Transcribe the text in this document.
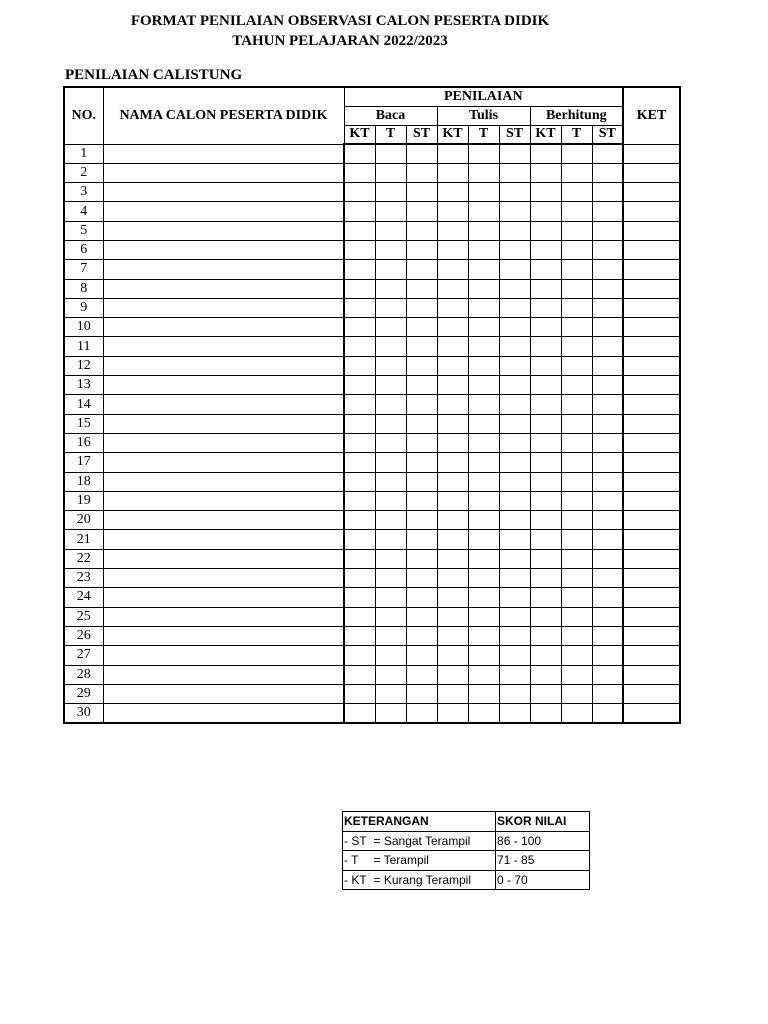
FORMAT PENILAIAN OBSERVASI CALON PESERTA DIDIK
TAHUN PELAJARAN 2022/2023
PENILAIAN CALISTUNG
NO.	NAMA CALON PESERTA DIDIK	PENILAIAN									KET
		Baca			Tulis			Berhitung			
		KT	T	ST	KT	T	ST	KT	T	ST	
1											
2											
3											
4											
5											
6											
7											
8											
9											
10											
11											
12											
13											
14											
15											
16											
17											
18											
19											
20											
21											
22											
23											
24											
25											
26											
27											
28											
29											
30											
KETERANGAN		SKOR NILAI
- ST	= Sangat Terampil	86 - 100
- T	= Terampil	71 - 85
- KT	= Kurang Terampil	0 - 70
